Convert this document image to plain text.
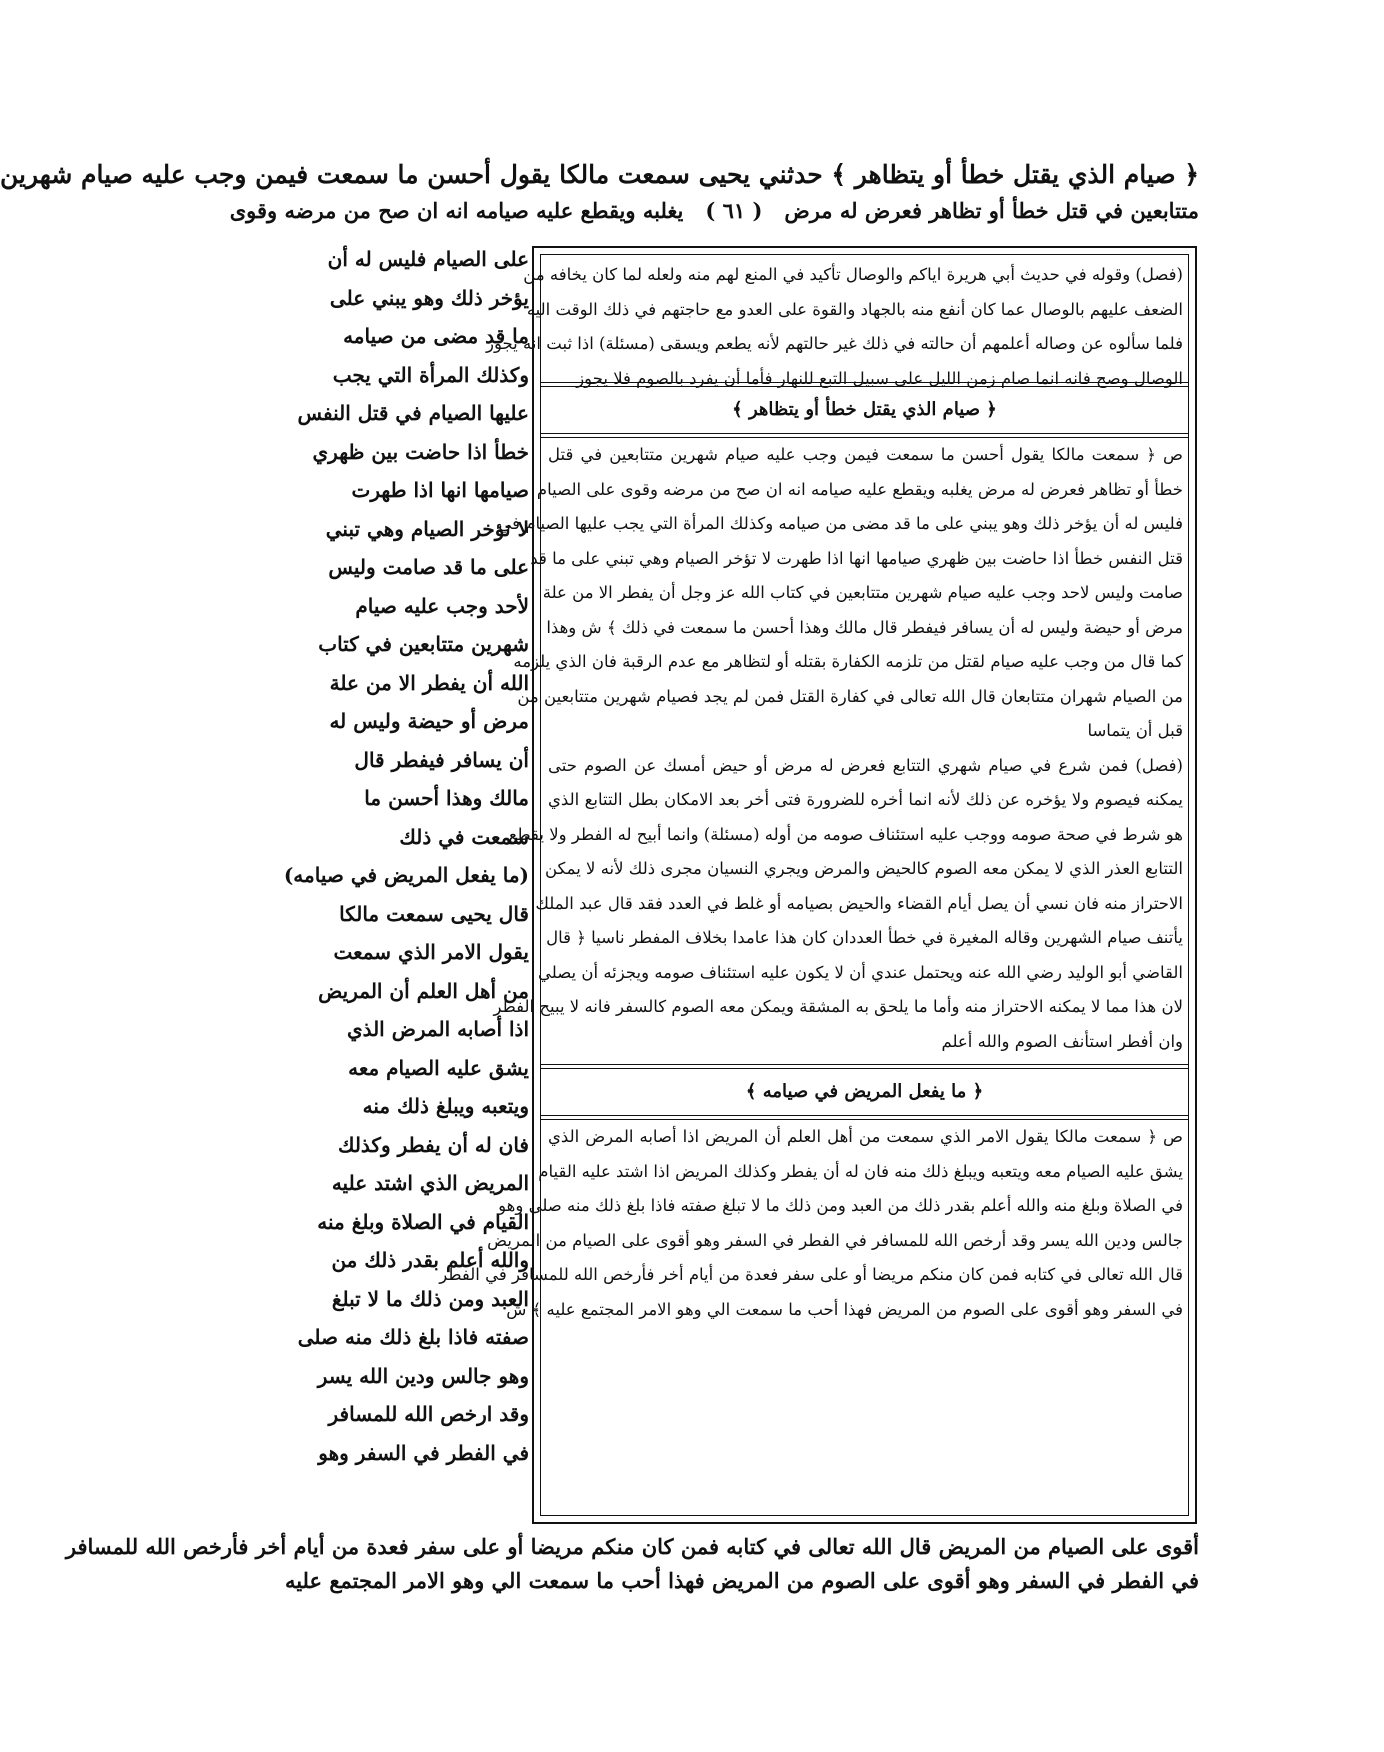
﴿ صيام الذي يقتل خطأ أو يتظاهر ﴾ حدثني يحيى سمعت مالكا يقول أحسن ما سمعت فيمن وجب عليه صيام شهرين
متتابعين في قتل خطأ أو تظاهر فعرض له مرض   ( ٦١ )   يغلبه ويقطع عليه صيامه انه ان صح من مرضه وقوى
على الصيام فليس له أن
يؤخر ذلك وهو يبني على
ما قد مضى من صيامه
وكذلك المرأة التي يجب
عليها الصيام في قتل النفس
خطأ اذا حاضت بين ظهري
صيامها انها اذا طهرت
لا تؤخر الصيام وهي تبني
على ما قد صامت وليس
لأحد وجب عليه صيام
شهرين متتابعين في كتاب
الله أن يفطر الا من علة
مرض أو حيضة وليس له
أن يسافر فيفطر قال
مالك وهذا أحسن ما
سمعت في ذلك
(ما يفعل المريض في صيامه)
قال يحيى سمعت مالكا
يقول الامر الذي سمعت
من أهل العلم أن المريض
اذا أصابه المرض الذي
يشق عليه الصيام معه
ويتعبه ويبلغ ذلك منه
فان له أن يفطر وكذلك
المريض الذي اشتد عليه
القيام في الصلاة وبلغ منه
والله أعلم بقدر ذلك من
العبد ومن ذلك ما لا تبلغ
صفته فاذا بلغ ذلك منه صلى
وهو جالس ودين الله يسر
وقد ارخص الله للمسافر
في الفطر في السفر وهو
(فصل) وقوله في حديث أبي هريرة اياكم والوصال تأكيد في المنع لهم منه ولعله لما كان يخافه من
الضعف عليهم بالوصال عما كان أنفع منه بالجهاد والقوة على العدو مع حاجتهم في ذلك الوقت اليه
فلما سألوه عن وصاله أعلمهم أن حالته في ذلك غير حالتهم لأنه يطعم ويسقى (مسئلة) اذا ثبت انه يجوز
الوصال وصح فانه انما صام زمن الليل على سبيل التبع للنهار فأما أن يفرد بالصوم فلا يجوز
﴿ صيام الذي يقتل خطأ أو يتظاهر ﴾
ص ﴿ سمعت مالكا يقول أحسن ما سمعت فيمن وجب عليه صيام شهرين متتابعين في قتل
خطأ أو تظاهر فعرض له مرض يغلبه ويقطع عليه صيامه انه ان صح من مرضه وقوى على الصيام
فليس له أن يؤخر ذلك وهو يبني على ما قد مضى من صيامه وكذلك المرأة التي يجب عليها الصيام في
قتل النفس خطأ اذا حاضت بين ظهري صيامها انها اذا طهرت لا تؤخر الصيام وهي تبني على ما قد
صامت وليس لاحد وجب عليه صيام شهرين متتابعين في كتاب الله عز وجل أن يفطر الا من علة
مرض أو حيضة وليس له أن يسافر فيفطر قال مالك وهذا أحسن ما سمعت في ذلك ﴾ ش وهذا
كما قال من وجب عليه صيام لقتل من تلزمه الكفارة بقتله أو لتظاهر مع عدم الرقبة فان الذي يلزمه
من الصيام شهران متتابعان قال الله تعالى في كفارة القتل فمن لم يجد فصيام شهرين متتابعين من
قبل أن يتماسا
(فصل) فمن شرع في صيام شهري التتابع فعرض له مرض أو حيض أمسك عن الصوم حتى
يمكنه فيصوم ولا يؤخره عن ذلك لأنه انما أخره للضرورة فتى أخر بعد الامكان بطل التتابع الذي
هو شرط في صحة صومه ووجب عليه استئناف صومه من أوله (مسئلة) وانما أبيح له الفطر ولا يقطع
التتابع العذر الذي لا يمكن معه الصوم كالحيض والمرض ويجري النسيان مجرى ذلك لأنه لا يمكن
الاحتراز منه فان نسي أن يصل أيام القضاء والحيض بصيامه أو غلط في العدد فقد قال عبد الملك
يأتنف صيام الشهرين وقاله المغيرة في خطأ العددان كان هذا عامدا بخلاف المفطر ناسيا ﴿ قال
القاضي أبو الوليد رضي الله عنه ويحتمل عندي أن لا يكون عليه استئناف صومه ويجزئه أن يصلي
لان هذا مما لا يمكنه الاحتراز منه وأما ما يلحق به المشقة ويمكن معه الصوم كالسفر فانه لا يبيح الفطر
وان أفطر استأنف الصوم والله أعلم
﴿ ما يفعل المريض في صيامه ﴾
ص ﴿ سمعت مالكا يقول الامر الذي سمعت من أهل العلم أن المريض اذا أصابه المرض الذي
يشق عليه الصيام معه ويتعبه ويبلغ ذلك منه فان له أن يفطر وكذلك المريض اذا اشتد عليه القيام
في الصلاة وبلغ منه والله أعلم بقدر ذلك من العبد ومن ذلك ما لا تبلغ صفته فاذا بلغ ذلك منه صلى وهو
جالس ودين الله يسر وقد أرخص الله للمسافر في الفطر في السفر وهو أقوى على الصيام من المريض
قال الله تعالى في كتابه فمن كان منكم مريضا أو على سفر فعدة من أيام أخر فأرخص الله للمسافر في الفطر
في السفر وهو أقوى على الصوم من المريض فهذا أحب ما سمعت الي وهو الامر المجتمع عليه ﴾ ش
أقوى على الصيام من المريض قال الله تعالى في كتابه فمن كان منكم مريضا أو على سفر فعدة من أيام أخر فأرخص الله للمسافر
في الفطر في السفر وهو أقوى على الصوم من المريض فهذا أحب ما سمعت الي وهو الامر المجتمع عليه
